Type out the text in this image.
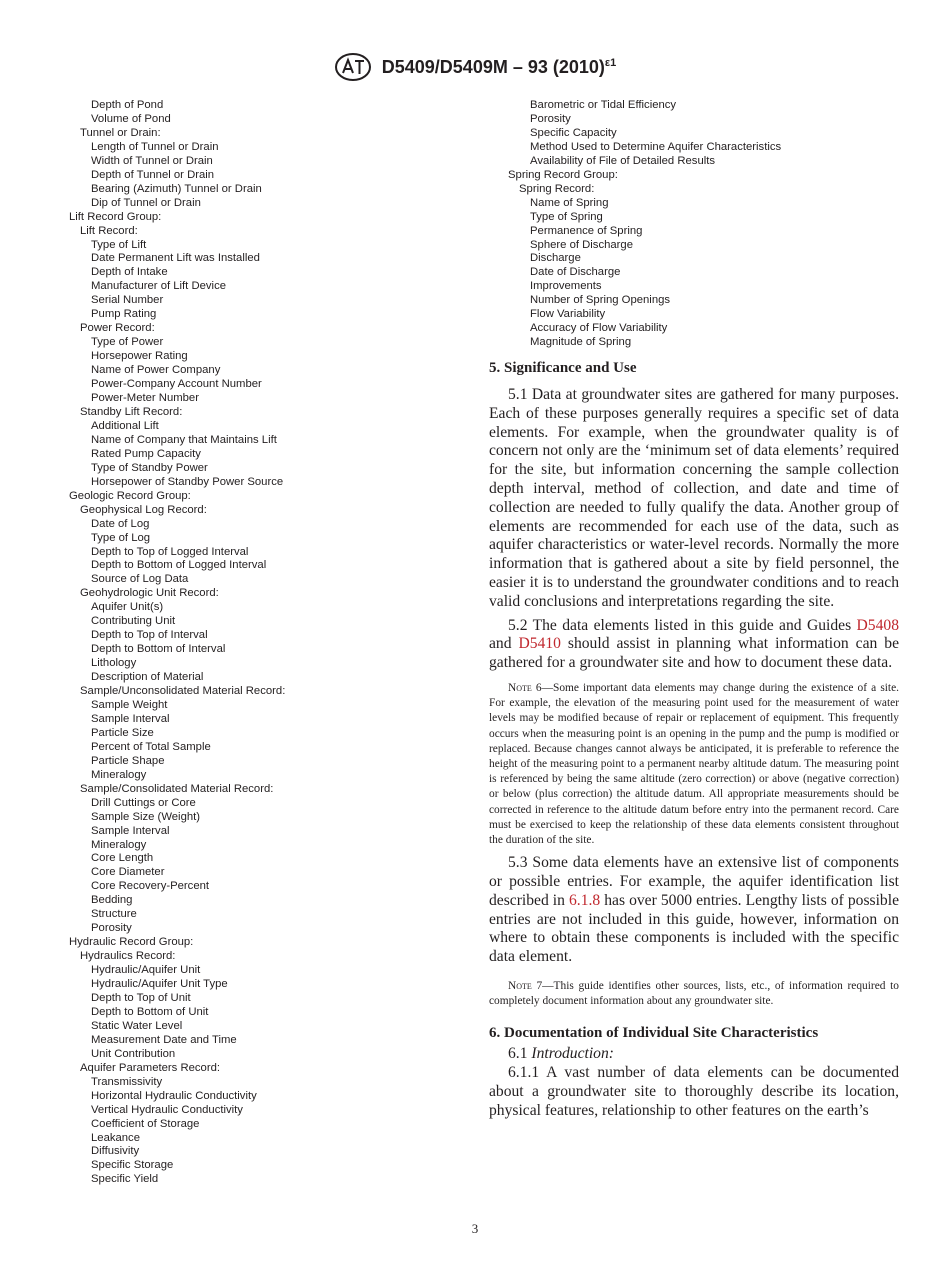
D5409/D5409M – 93 $(2010)^{\varepsilon 1}$
Depth of Pond
Volume of Pond
Tunnel or Drain:
Length of Tunnel or Drain
Width of Tunnel or Drain
Depth of Tunnel or Drain
Bearing (Azimuth) Tunnel or Drain
Dip of Tunnel or Drain
Lift Record Group:
Lift Record:
Type of Lift
Date Permanent Lift was Installed
Depth of Intake
Manufacturer of Lift Device
Serial Number
Pump Rating
Power Record:
Type of Power
Horsepower Rating
Name of Power Company
Power-Company Account Number
Power-Meter Number
Standby Lift Record:
Additional Lift
Name of Company that Maintains Lift
Rated Pump Capacity
Type of Standby Power
Horsepower of Standby Power Source
Geologic Record Group:
Geophysical Log Record:
Date of Log
Type of Log
Depth to Top of Logged Interval
Depth to Bottom of Logged Interval
Source of Log Data
Geohydrologic Unit Record:
Aquifer Unit(s)
Contributing Unit
Depth to Top of Interval
Depth to Bottom of Interval
Lithology
Description of Material
Sample/Unconsolidated Material Record:
Sample Weight
Sample Interval
Particle Size
Percent of Total Sample
Particle Shape
Mineralogy
Sample/Consolidated Material Record:
Drill Cuttings or Core
Sample Size (Weight)
Sample Interval
Mineralogy
Core Length
Core Diameter
Core Recovery-Percent
Bedding
Structure
Porosity
Hydraulic Record Group:
Hydraulics Record:
Hydraulic/Aquifer Unit
Hydraulic/Aquifer Unit Type
Depth to Top of Unit
Depth to Bottom of Unit
Static Water Level
Measurement Date and Time
Unit Contribution
Aquifer Parameters Record:
Transmissivity
Horizontal Hydraulic Conductivity
Vertical Hydraulic Conductivity
Coefficient of Storage
Leakance
Diffusivity
Specific Storage
Specific Yield
Barometric or Tidal Efficiency
Porosity
Specific Capacity
Method Used to Determine Aquifer Characteristics
Availability of File of Detailed Results
Spring Record Group:
Spring Record:
Name of Spring
Type of Spring
Permanence of Spring
Sphere of Discharge
Discharge
Date of Discharge
Improvements
Number of Spring Openings
Flow Variability
Accuracy of Flow Variability
Magnitude of Spring
5. Significance and Use

5.1 Data at groundwater sites are gathered for many purposes. Each of these purposes generally requires a specific set of data elements. For example, when the groundwater quality is of concern not only are the ‘minimum set of data elements’ required for the site, but information concerning the sample collection depth interval, method of collection, and date and time of collection are needed to fully qualify the data. Another group of elements are recommended for each use of the data, such as aquifer characteristics or water-level records. Normally the more information that is gathered about a site by field personnel, the easier it is to understand the groundwater conditions and to reach valid conclusions and interpretations regarding the site.

5.2 The data elements listed in this guide and Guides D5408 and D5410 should assist in planning what information can be gathered for a groundwater site and how to document these data.

Note 6—Some important data elements may change during the existence of a site. For example, the elevation of the measuring point used for the measurement of water levels may be modified because of repair or replacement of equipment. This frequently occurs when the measuring point is an opening in the pump and the pump is modified or replaced. Because changes cannot always be anticipated, it is preferable to reference the height of the measuring point to a permanent nearby altitude datum. The measuring point is referenced by being the same altitude (zero correction) or above (negative correction) or below (plus correction) the altitude datum. All appropriate measurements should be corrected in reference to the altitude datum before entry into the permanent record. Care must be exercised to keep the relationship of these data elements consistent throughout the duration of the site.

5.3 Some data elements have an extensive list of components or possible entries. For example, the aquifer identification list described in 6.1.8 has over 5000 entries. Lengthy lists of possible entries are not included in this guide, however, information on where to obtain these components is included with the specific data element.

Note 7—This guide identifies other sources, lists, etc., of information required to completely document information about any groundwater site.

6. Documentation of Individual Site Characteristics

6.1 Introduction:

6.1.1 A vast number of data elements can be documented about a groundwater site to thoroughly describe its location, physical features, relationship to other features on the earth’s

3
